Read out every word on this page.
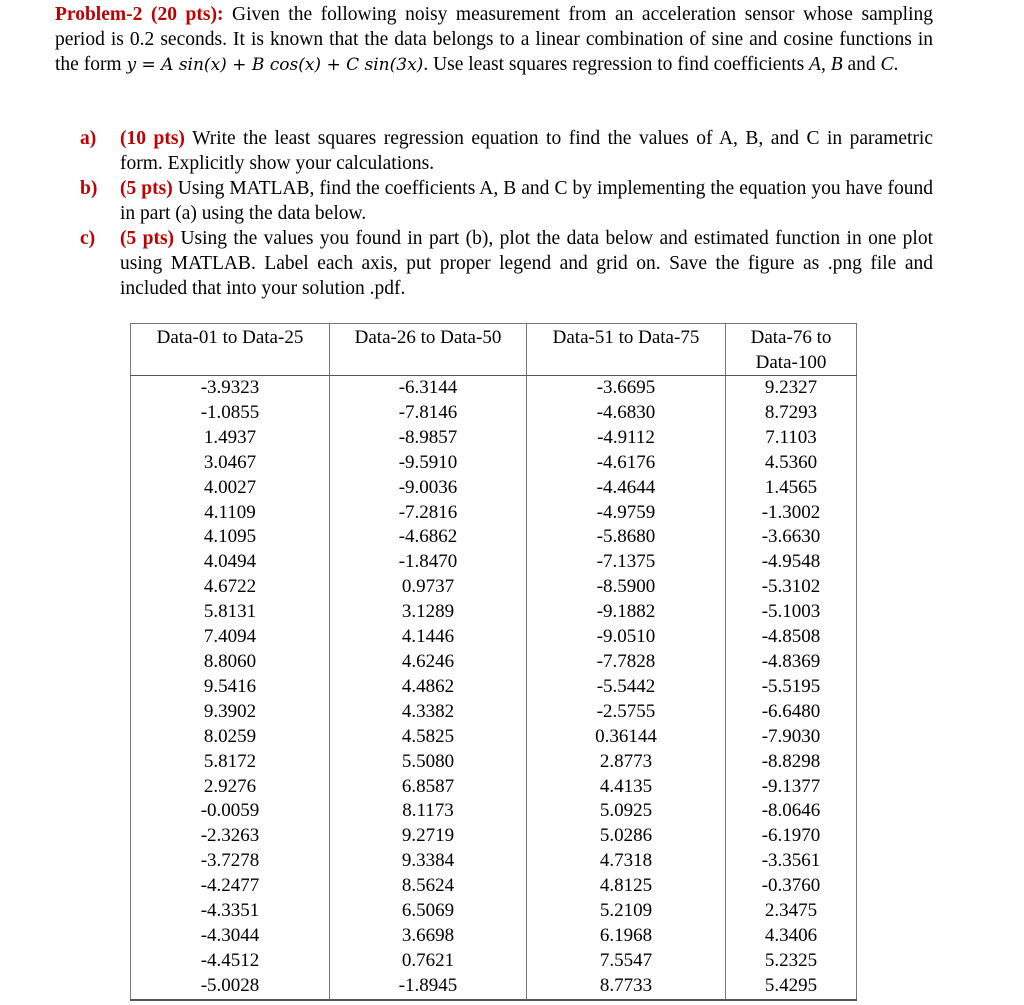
Problem-2 (20 pts): Given the following noisy measurement from an acceleration sensor whose sampling period is 0.2 seconds. It is known that the data belongs to a linear combination of sine and cosine functions in the form y = A sin(x) + B cos(x) + C sin(3x). Use least squares regression to find coefficients A, B and C.
a) (10 pts) Write the least squares regression equation to find the values of A, B, and C in parametric form. Explicitly show your calculations.
b) (5 pts) Using MATLAB, find the coefficients A, B and C by implementing the equation you have found in part (a) using the data below.
c) (5 pts) Using the values you found in part (b), plot the data below and estimated function in one plot using MATLAB. Label each axis, put proper legend and grid on. Save the figure as .png file and included that into your solution .pdf.
Data-01 to Data-25	Data-26 to Data-50	Data-51 to Data-75	Data-76 to Data-100
-3.9323	-6.3144	-3.6695	9.2327
-1.0855	-7.8146	-4.6830	8.7293
1.4937	-8.9857	-4.9112	7.1103
3.0467	-9.5910	-4.6176	4.5360
4.0027	-9.0036	-4.4644	1.4565
4.1109	-7.2816	-4.9759	-1.3002
4.1095	-4.6862	-5.8680	-3.6630
4.0494	-1.8470	-7.1375	-4.9548
4.6722	0.9737	-8.5900	-5.3102
5.8131	3.1289	-9.1882	-5.1003
7.4094	4.1446	-9.0510	-4.8508
8.8060	4.6246	-7.7828	-4.8369
9.5416	4.4862	-5.5442	-5.5195
9.3902	4.3382	-2.5755	-6.6480
8.0259	4.5825	0.36144	-7.9030
5.8172	5.5080	2.8773	-8.8298
2.9276	6.8587	4.4135	-9.1377
-0.0059	8.1173	5.0925	-8.0646
-2.3263	9.2719	5.0286	-6.1970
-3.7278	9.3384	4.7318	-3.3561
-4.2477	8.5624	4.8125	-0.3760
-4.3351	6.5069	5.2109	2.3475
-4.3044	3.6698	6.1968	4.3406
-4.4512	0.7621	7.5547	5.2325
-5.0028	-1.8945	8.7733	5.4295
